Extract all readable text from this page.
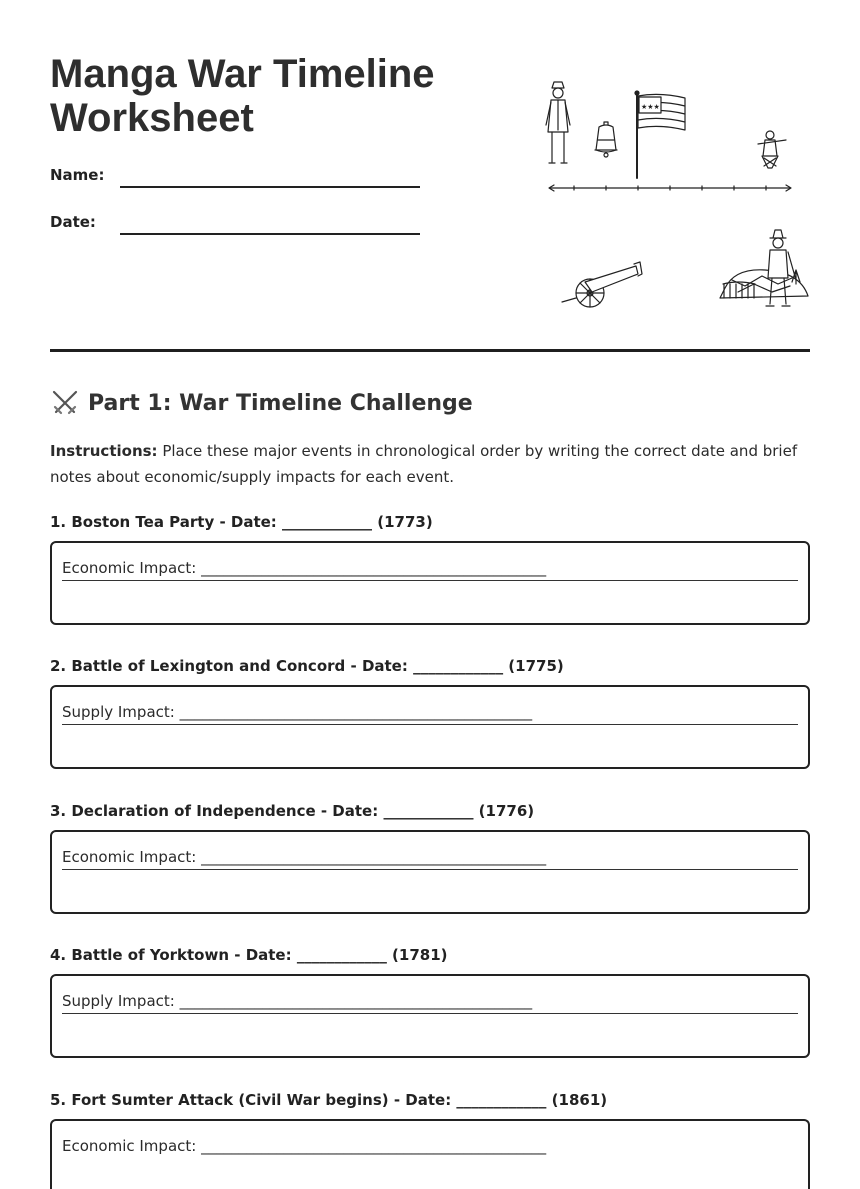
Manga War Timeline Worksheet
Name:
Date:
★★★
Part 1: War Timeline Challenge

Instructions: Place these major events in chronological order by writing the correct date and brief notes about economic/supply impacts for each event.

1. Boston Tea Party - Date: ____________ (1773)
Economic Impact: ______________________________________________
2. Battle of Lexington and Concord - Date: ____________ (1775)
Supply Impact: _______________________________________________
3. Declaration of Independence - Date: ____________ (1776)
Economic Impact: ______________________________________________
4. Battle of Yorktown - Date: ____________ (1781)
Supply Impact: _______________________________________________
5. Fort Sumter Attack (Civil War begins) - Date: ____________ (1861)
Economic Impact: ______________________________________________
